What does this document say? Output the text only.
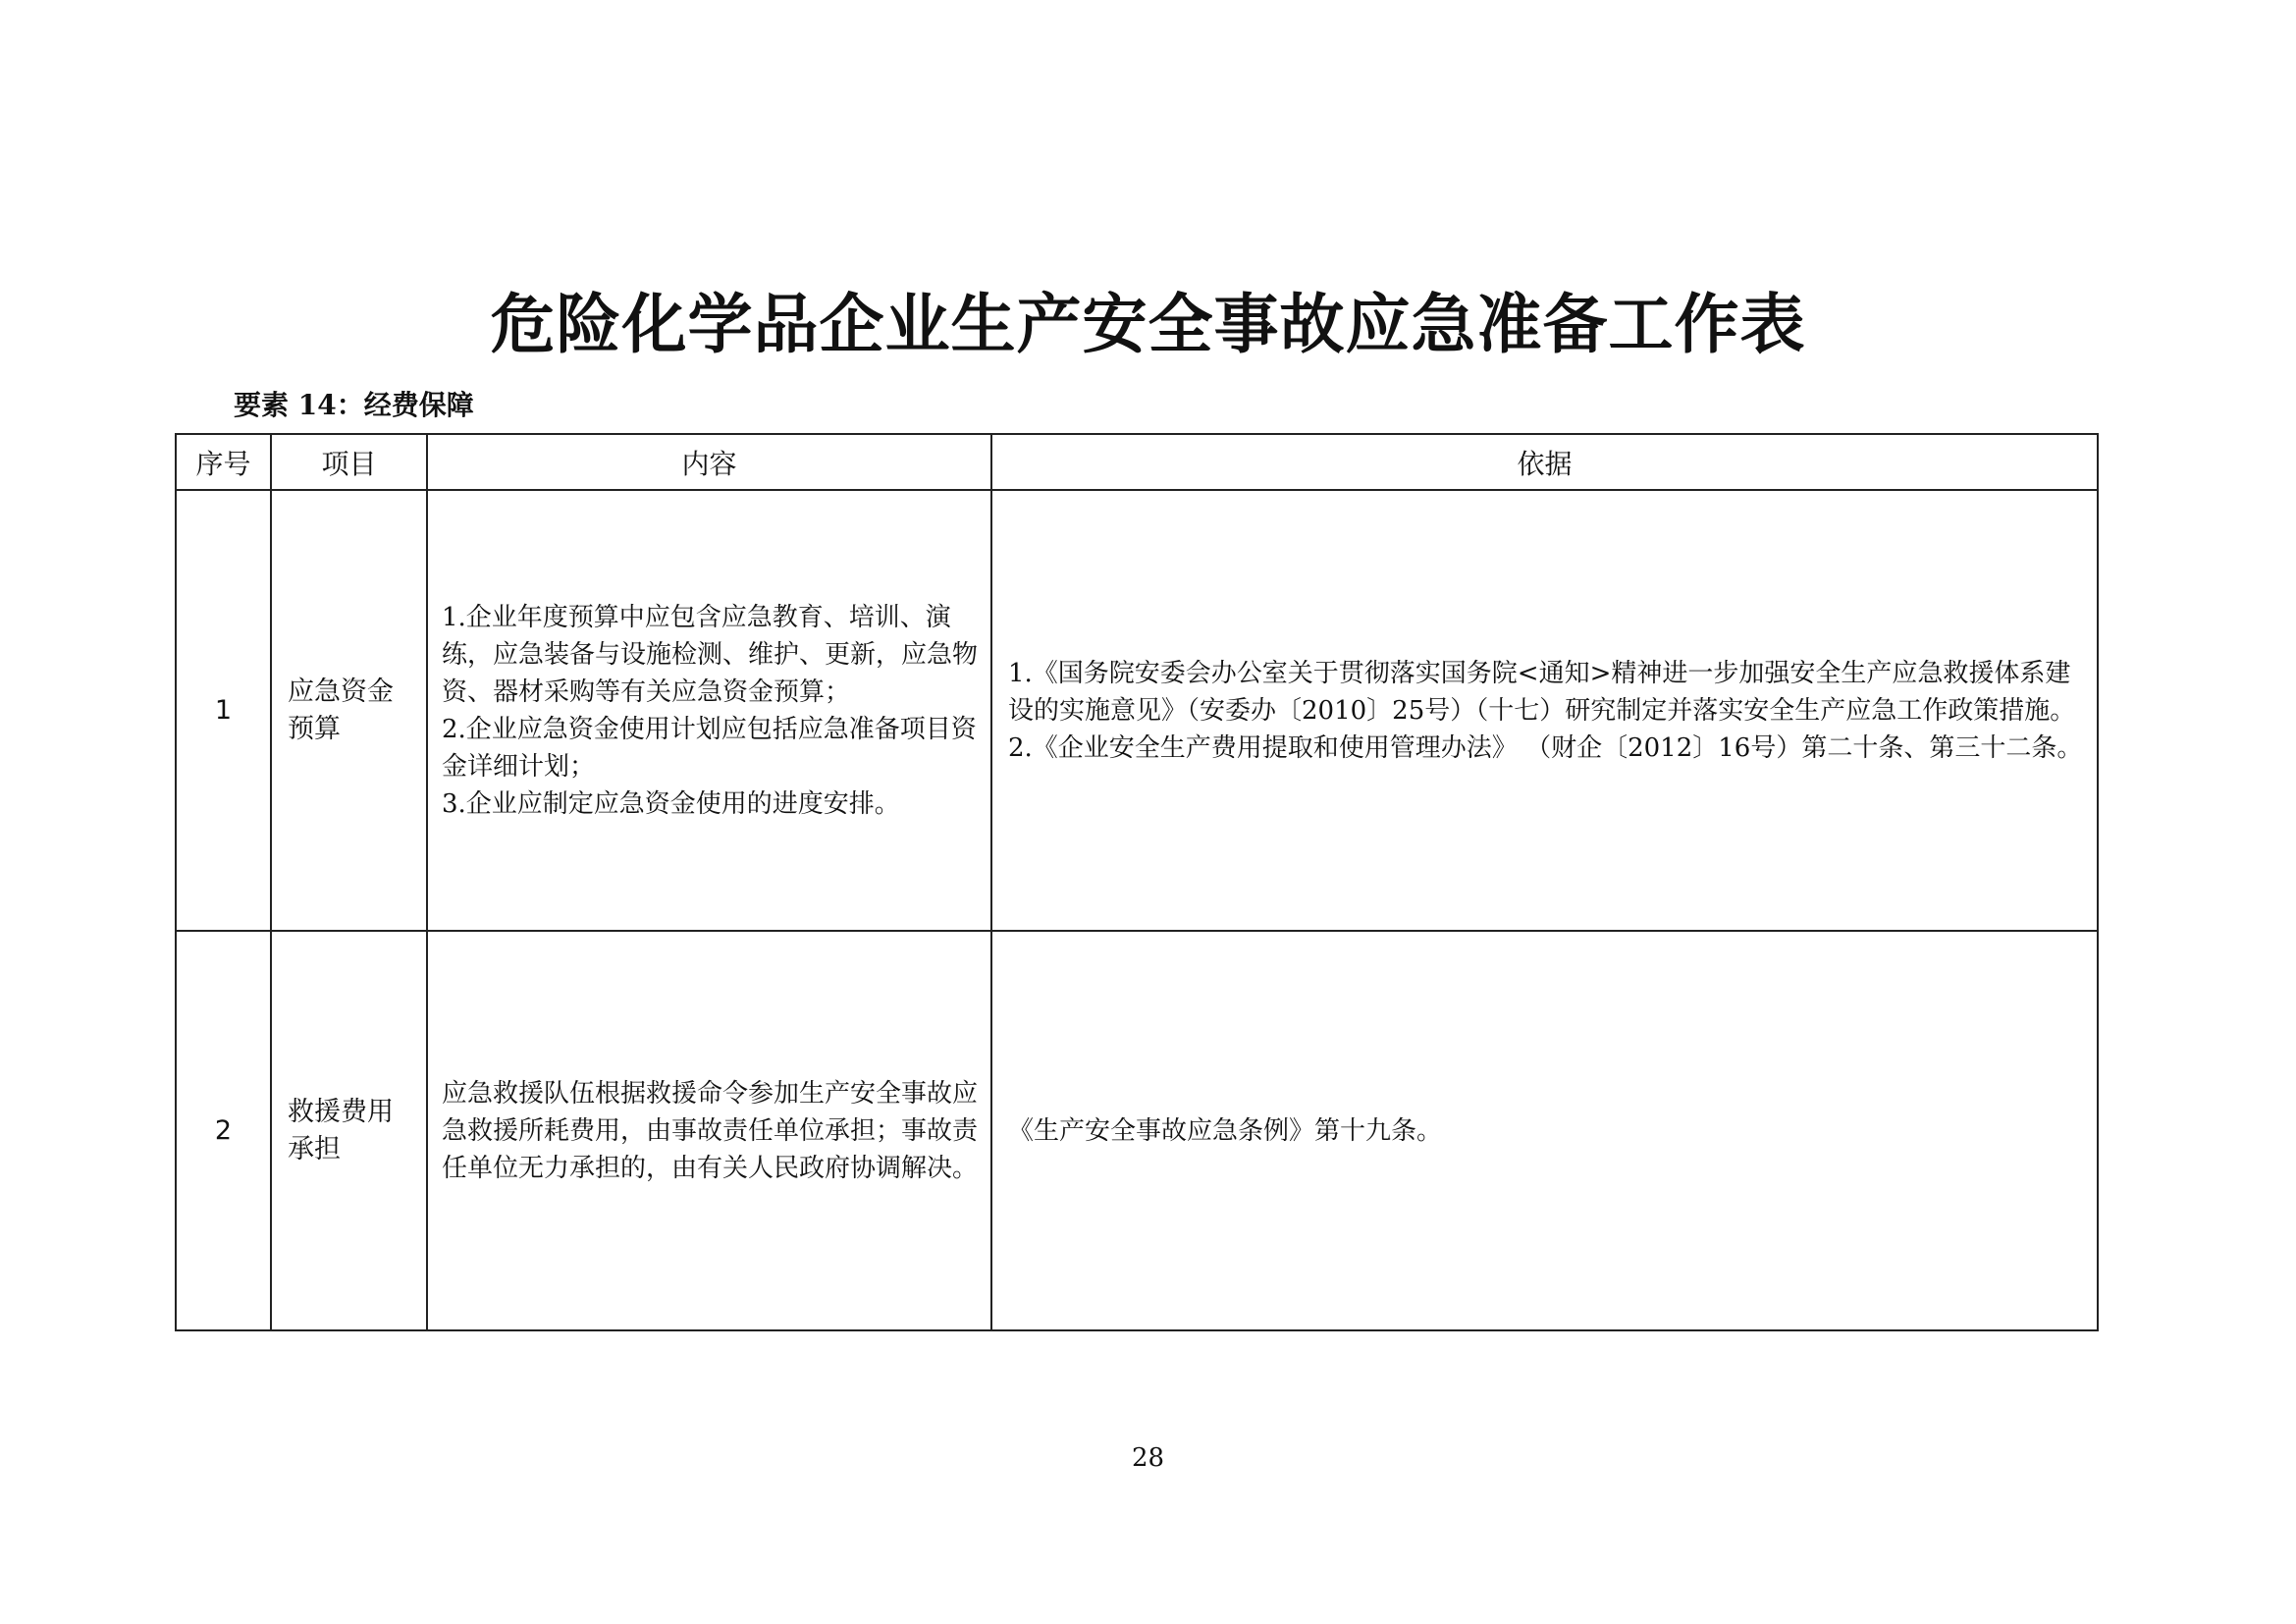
危险化学品企业生产安全事故应急准备工作表
要素 14：经费保障
序号	项目	内容	依据
1	应急资金预算	1.企业年度预算中应包含应急教育、培训、演练，应急装备与设施检测、维护、更新，应急物资、器材采购等有关应急资金预算；
2.企业应急资金使用计划应包括应急准备项目资金详细计划；
3.企业应制定应急资金使用的进度安排。	1.《国务院安委会办公室关于贯彻落实国务院<通知>精神进一步加强安全生产应急救援体系建设的实施意见》（安委办〔2010〕25号）（十七）研究制定并落实安全生产应急工作政策措施。
2.《企业安全生产费用提取和使用管理办法》 （财企〔2012〕16号）第二十条、第三十二条。

2	救援费用承担	应急救援队伍根据救援命令参加生产安全事故应急救援所耗费用，由事故责任单位承担；事故责任单位无力承担的，由有关人民政府协调解决。	《生产安全事故应急条例》第十九条。
28
